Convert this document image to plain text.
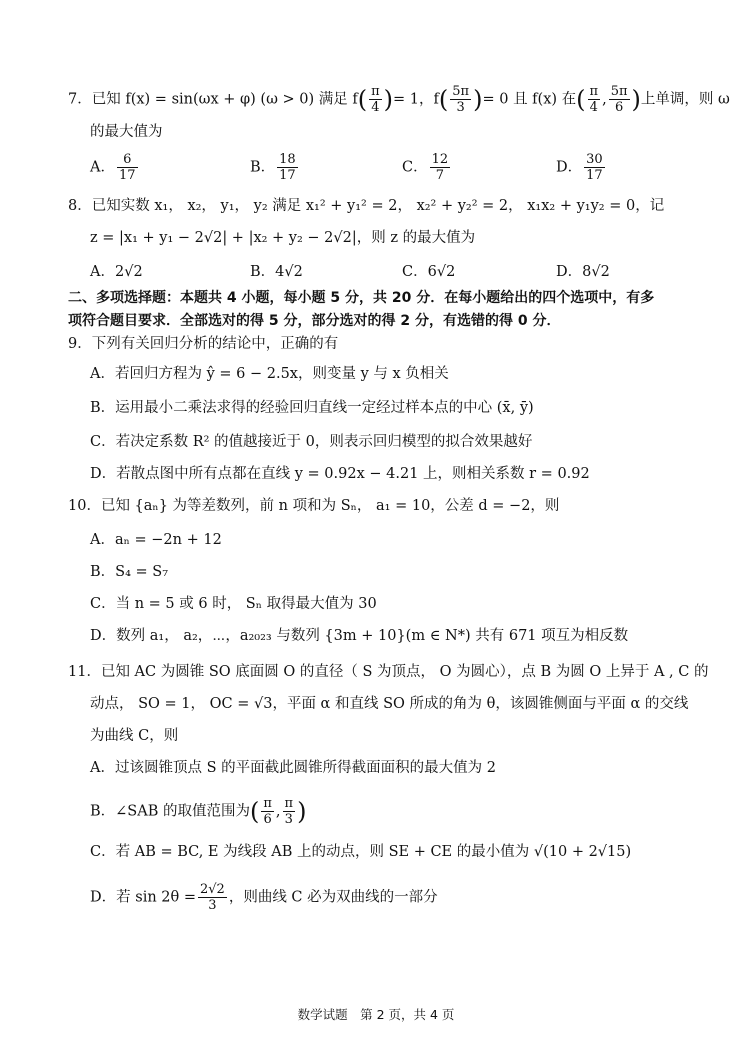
7．已知 f(x) = sin(ωx + φ) (ω > 0) 满足 $f( \frac{\pi}{4}$ )= 1，$f( \frac{5\pi}{3}$ )= 0 且 f(x) 在( $\frac{\pi}{4}$ , $\frac{5\pi}{6}$ )上单调，则 ω
的最大值为
A． $\frac{6}{17}$	B． $\frac{18}{17}$	C． $\frac{12}{7}$	D． $\frac{30}{17}$
8．已知实数 x₁， x₂， y₁， y₂ 满足 x₁² + y₁² = 2， x₂² + y₂² = 2， x₁x₂ + y₁y₂ = 0，记
z = |x₁ + y₁ − 2√2| + |x₂ + y₂ − 2√2|，则 z 的最大值为
A．2√2	B．4√2	C．6√2	D．8√2
二、多项选择题：本题共 4 小题，每小题 5 分，共 20 分．在每小题给出的四个选项中，有多
项符合题目要求．全部选对的得 5 分，部分选对的得 2 分，有选错的得 0 分．
9．下列有关回归分析的结论中，正确的有
A．若回归方程为 ŷ = 6 − 2.5x，则变量 y 与 x 负相关
B．运用最小二乘法求得的经验回归直线一定经过样本点的中心 (x̄, ȳ)
C．若决定系数 R² 的值越接近于 0，则表示回归模型的拟合效果越好
D．若散点图中所有点都在直线 y = 0.92x − 4.21 上，则相关系数 r = 0.92
10．已知 {aₙ} 为等差数列，前 n 项和为 Sₙ， a₁ = 10，公差 d = −2，则
A．aₙ = −2n + 12
B．S₄ = S₇
C．当 n = 5 或 6 时， Sₙ 取得最大值为 30
D．数列 a₁， a₂，⋯，a₂₀₂₃ 与数列 {3m + 10}(m ∈ N*) 共有 671 项互为相反数
11．已知 AC 为圆锥 SO 底面圆 O 的直径（ S 为顶点， O 为圆心），点 B 为圆 O 上异于 A , C 的
动点， SO = 1， OC = √3，平面 α 和直线 SO 所成的角为 θ，该圆锥侧面与平面 α 的交线
为曲线 C，则
A．过该圆锥顶点 S 的平面截此圆锥所得截面面积的最大值为 2
B．∠SAB 的取值范围为( $\frac{\pi}{6}$ , $\frac{\pi}{3}$ )
C．若 AB = BC, E 为线段 AB 上的动点，则 SE + CE 的最小值为 √(10 + 2√15)
D．若 $\sin 2\theta = \frac{2√2}{3}$ ，则曲线 C 必为双曲线的一部分
数学试题　第 2 页，共 4 页
